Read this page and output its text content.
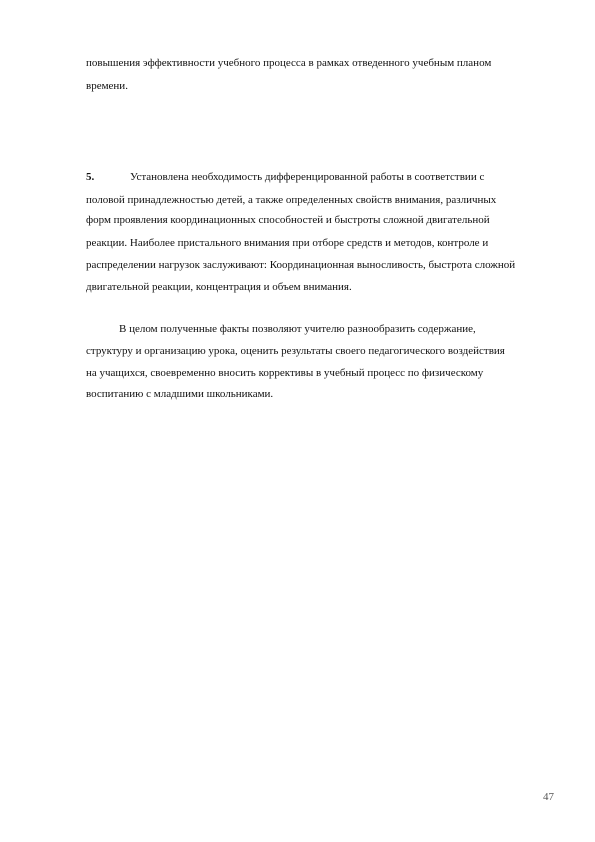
повышения эффективности учебного процесса в рамках отведенного учебным планом
времени.
5.	Установлена необходимость дифференцированной работы в соответствии с
половой принадлежностью детей, а также определенных свойств внимания, различных
форм проявления координационных способностей и быстроты сложной двигательной
реакции. Наиболее пристального внимания при отборе средств и методов, контроле и
распределении нагрузок заслуживают: Координационная выносливость, быстрота сложной
двигательной реакции, концентрация и объем внимания.
В целом полученные факты позволяют учителю разнообразить содержание,
структуру и организацию урока, оценить результаты своего педагогического воздействия
на учащихся, своевременно вносить коррективы в учебный процесс по физическому
воспитанию с младшими школьниками.
47
